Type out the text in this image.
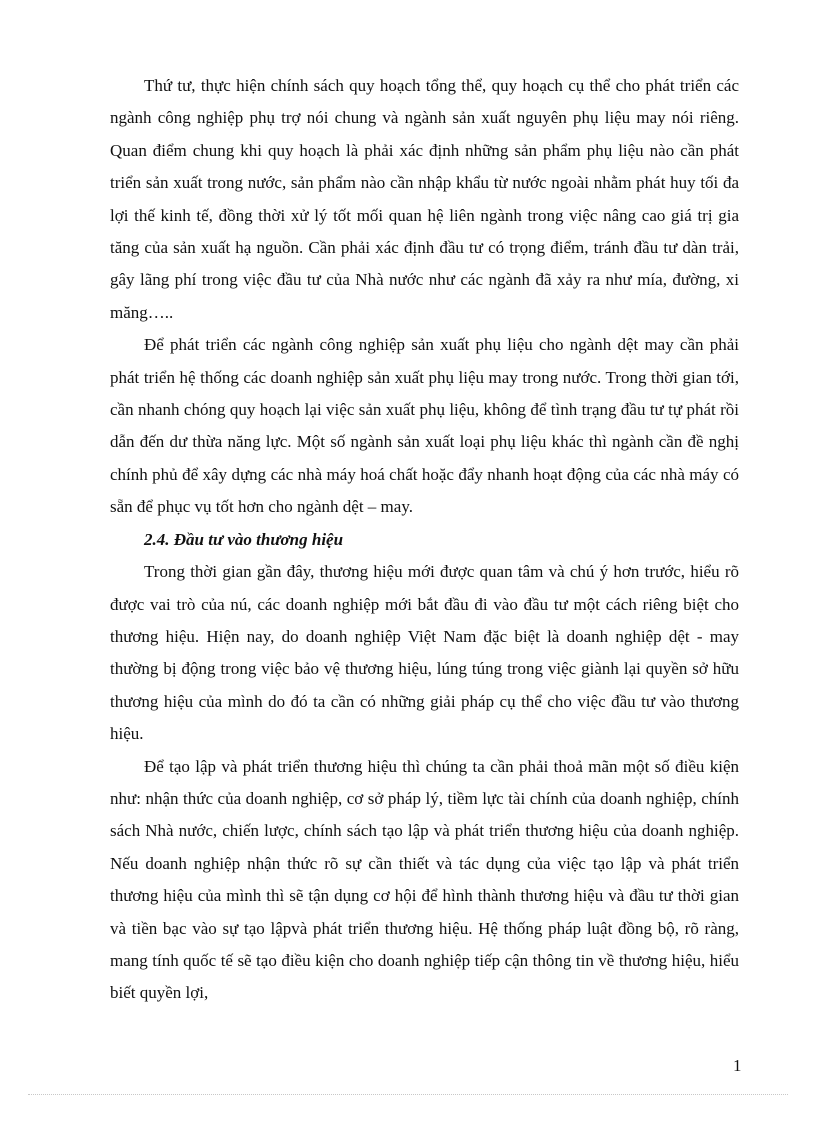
Thứ tư, thực hiện chính sách quy hoạch tổng thể, quy hoạch cụ thể cho phát triển các ngành công nghiệp phụ trợ nói chung và ngành sản xuất nguyên phụ liệu may nói riêng. Quan điểm chung khi quy hoạch là phải xác định những sản phẩm phụ liệu nào cần phát triển sản xuất trong nước, sản phẩm nào cần nhập khẩu từ nước ngoài nhằm phát huy tối đa lợi thế kinh tế, đồng thời xử lý tốt mối quan hệ liên ngành trong việc nâng cao giá trị gia tăng của sản xuất hạ nguồn. Cần phải xác định đầu tư có trọng điểm, tránh đầu tư dàn trải, gây lãng phí trong việc đầu tư của Nhà nước như các ngành đã xảy ra như mía, đường, xi măng…..

Để phát triển các ngành công nghiệp sản xuất phụ liệu cho ngành dệt may cần phải phát triển hệ thống các doanh nghiệp sản xuất phụ liệu may trong nước. Trong thời gian tới, cần nhanh chóng quy hoạch lại việc sản xuất phụ liệu, không để tình trạng đầu tư tự phát rồi dẫn đến dư thừa năng lực. Một số ngành sản xuất loại phụ liệu khác thì ngành cần đề nghị chính phủ để xây dựng các nhà máy hoá chất hoặc đẩy nhanh hoạt động của các nhà máy có sẵn để phục vụ tốt hơn cho ngành dệt – may.

2.4. Đầu tư vào thương hiệu

Trong thời gian gần đây, thương hiệu mới được quan tâm và chú ý hơn trước, hiểu rõ được vai trò của nú, các doanh nghiệp mới bắt đầu đi vào đầu tư một cách riêng biệt cho thương hiệu. Hiện nay, do doanh nghiệp Việt Nam đặc biệt là doanh nghiệp dệt - may thường bị động trong việc bảo vệ thương hiệu, lúng túng trong việc giành lại quyền sở hữu thương hiệu của mình do đó ta cần có những giải pháp cụ thể cho việc đầu tư vào thương hiệu.

Để tạo lập và phát triển thương hiệu thì chúng ta cần phải thoả mãn một số điều kiện như: nhận thức của doanh nghiệp, cơ sở pháp lý, tiềm lực tài chính của doanh nghiệp, chính sách Nhà nước, chiến lược, chính sách tạo lập và phát triển thương hiệu của doanh nghiệp. Nếu doanh nghiệp nhận thức rõ sự cần thiết và tác dụng của việc tạo lập và phát triển thương hiệu của mình thì sẽ tận dụng cơ hội để hình thành thương hiệu và đầu tư thời gian và tiền bạc vào sự tạo lậpvà phát triển thương hiệu. Hệ thống pháp luật đồng bộ, rõ ràng, mang tính quốc tế sẽ tạo điều kiện cho doanh nghiệp tiếp cận thông tin về thương hiệu, hiểu biết quyền lợi,

1
